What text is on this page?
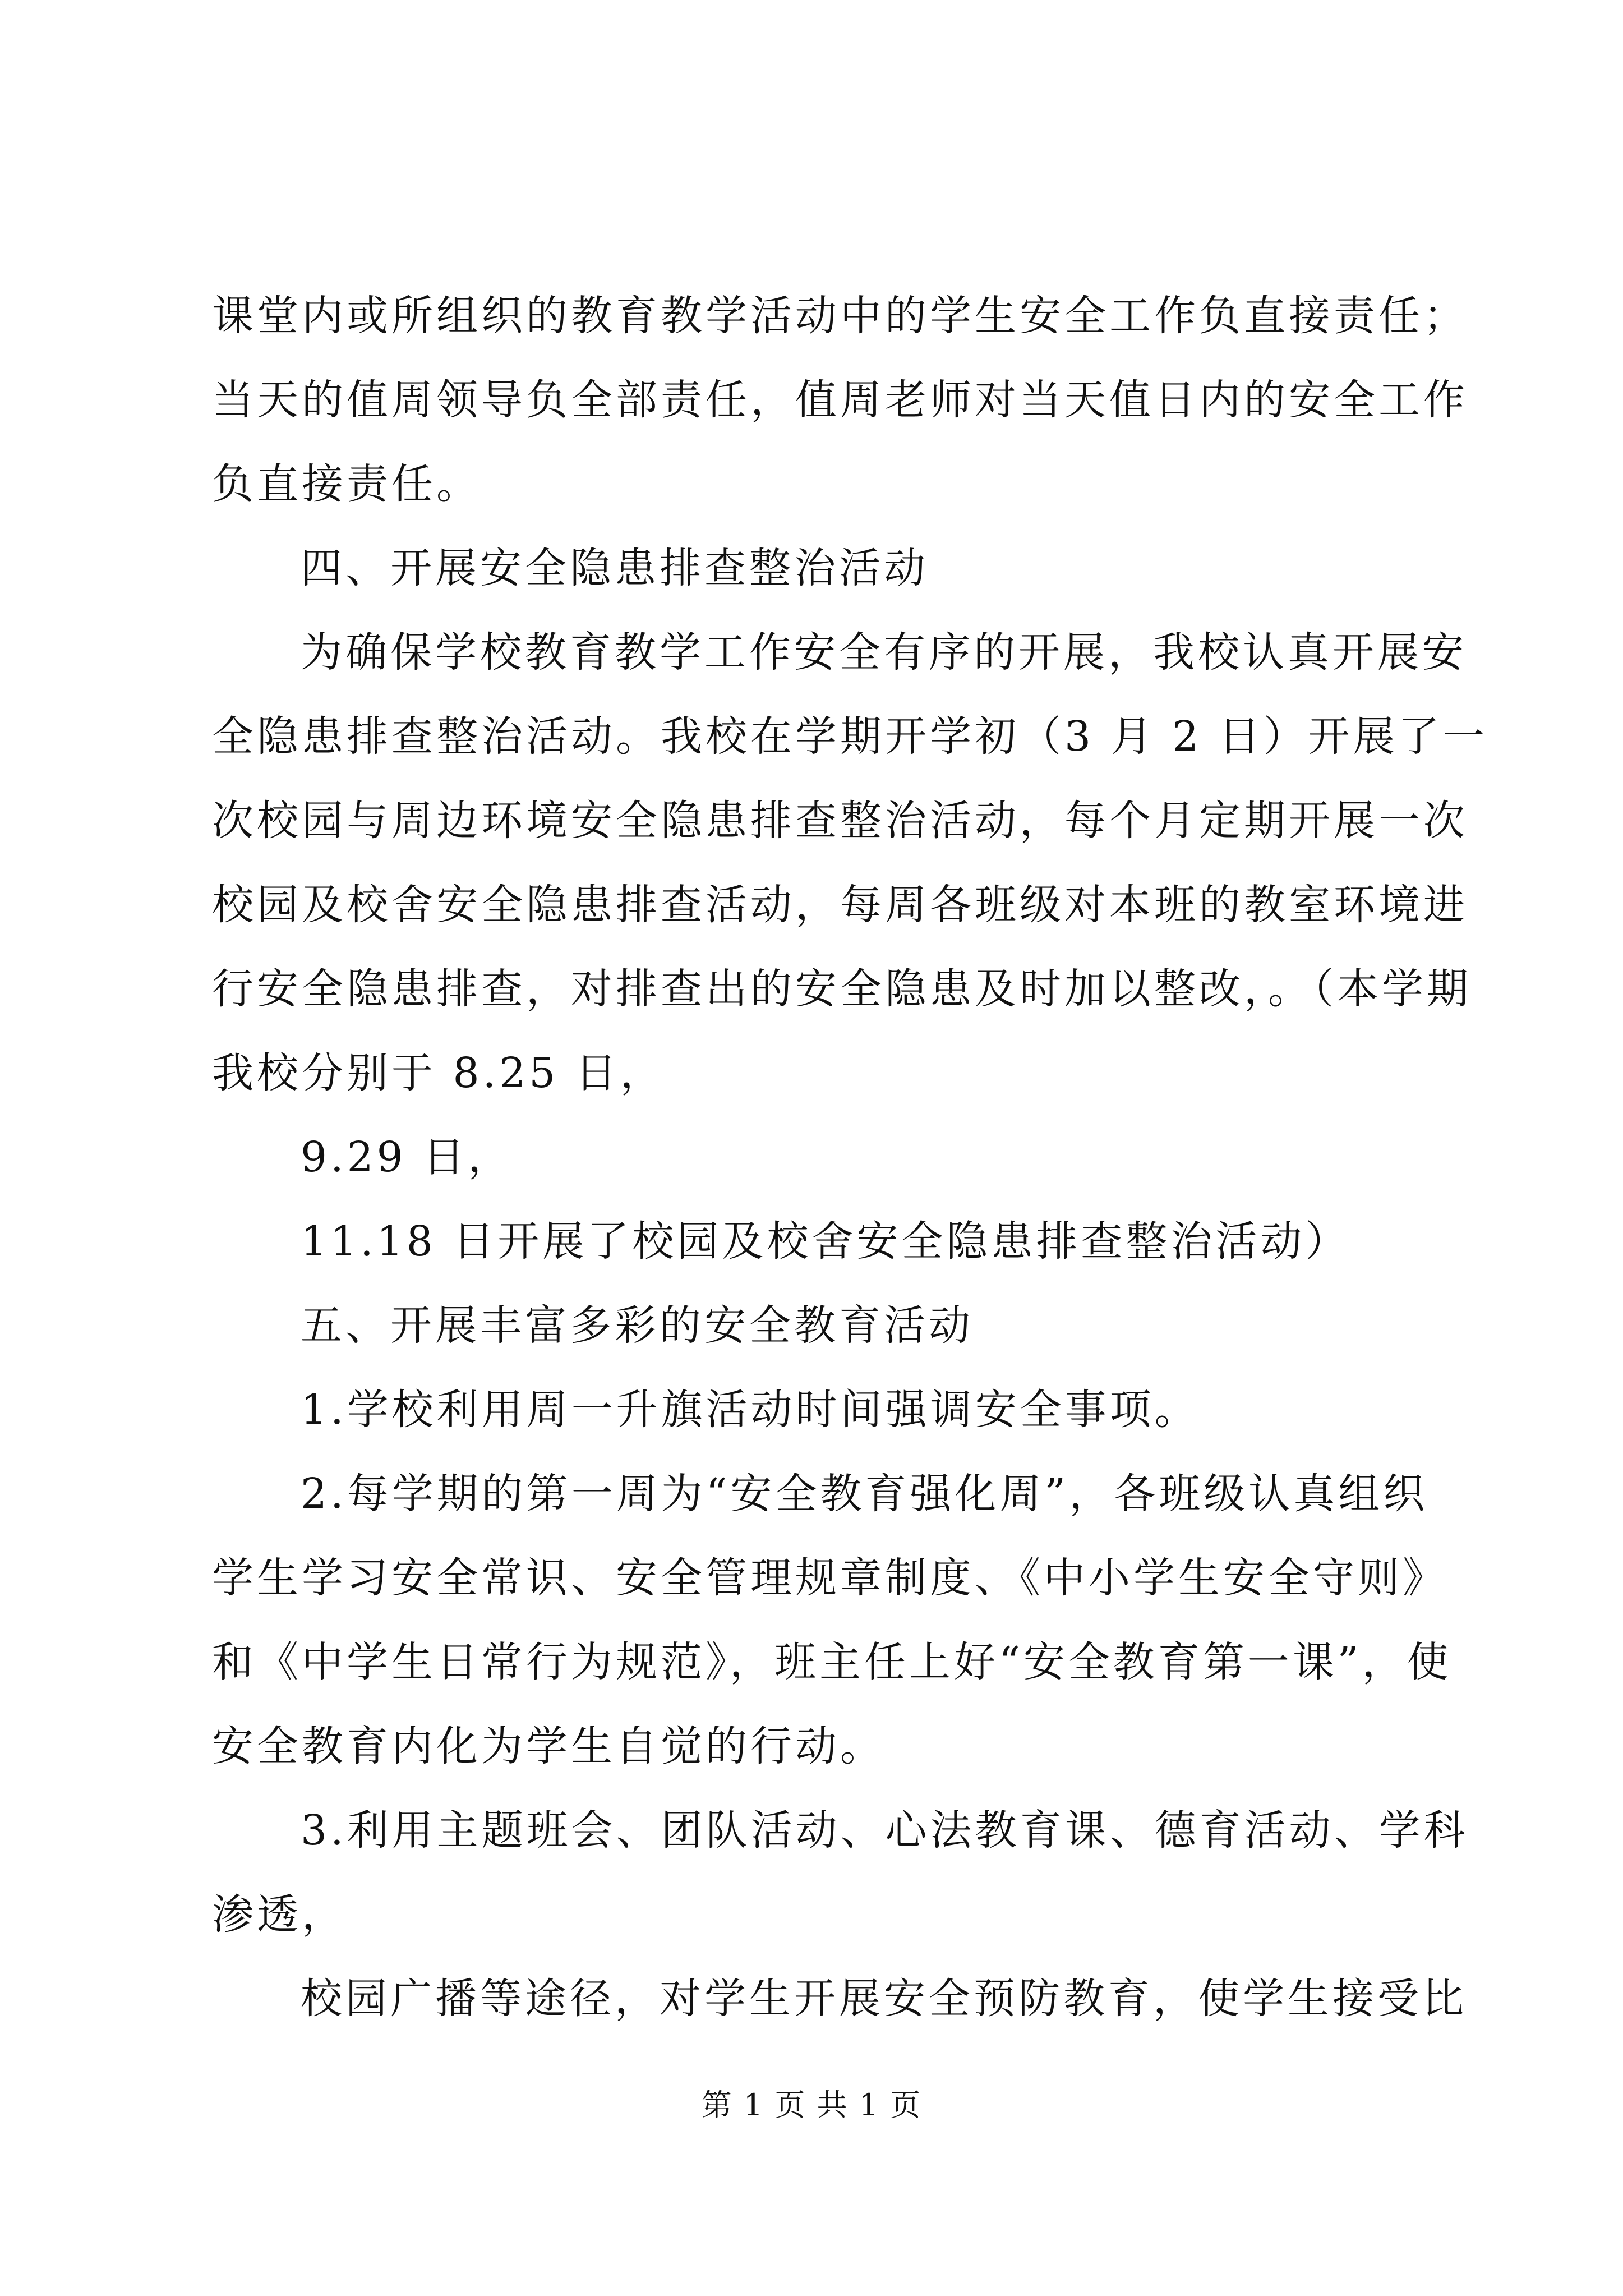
课堂内或所组织的教育教学活动中的学生安全工作负直接责任；
当天的值周领导负全部责任，值周老师对当天值日内的安全工作
负直接责任。
四、开展安全隐患排查整治活动
为确保学校教育教学工作安全有序的开展，我校认真开展安
全隐患排查整治活动。我校在学期开学初（3 月 2 日）开展了一
次校园与周边环境安全隐患排查整治活动，每个月定期开展一次
校园及校舍安全隐患排查活动，每周各班级对本班的教室环境进
行安全隐患排查，对排查出的安全隐患及时加以整改，。（本学期
我校分别于 8.25 日，
9.29 日，
11.18 日开展了校园及校舍安全隐患排查整治活动）
五、开展丰富多彩的安全教育活动
1.学校利用周一升旗活动时间强调安全事项。
2.每学期的第一周为“安全教育强化周”，各班级认真组织
学生学习安全常识、安全管理规章制度、《中小学生安全守则》
和《中学生日常行为规范》，班主任上好“安全教育第一课”，使
安全教育内化为学生自觉的行动。
3.利用主题班会、团队活动、心法教育课、德育活动、学科
渗透，
校园广播等途径，对学生开展安全预防教育，使学生接受比
第 1 页 共 1 页
